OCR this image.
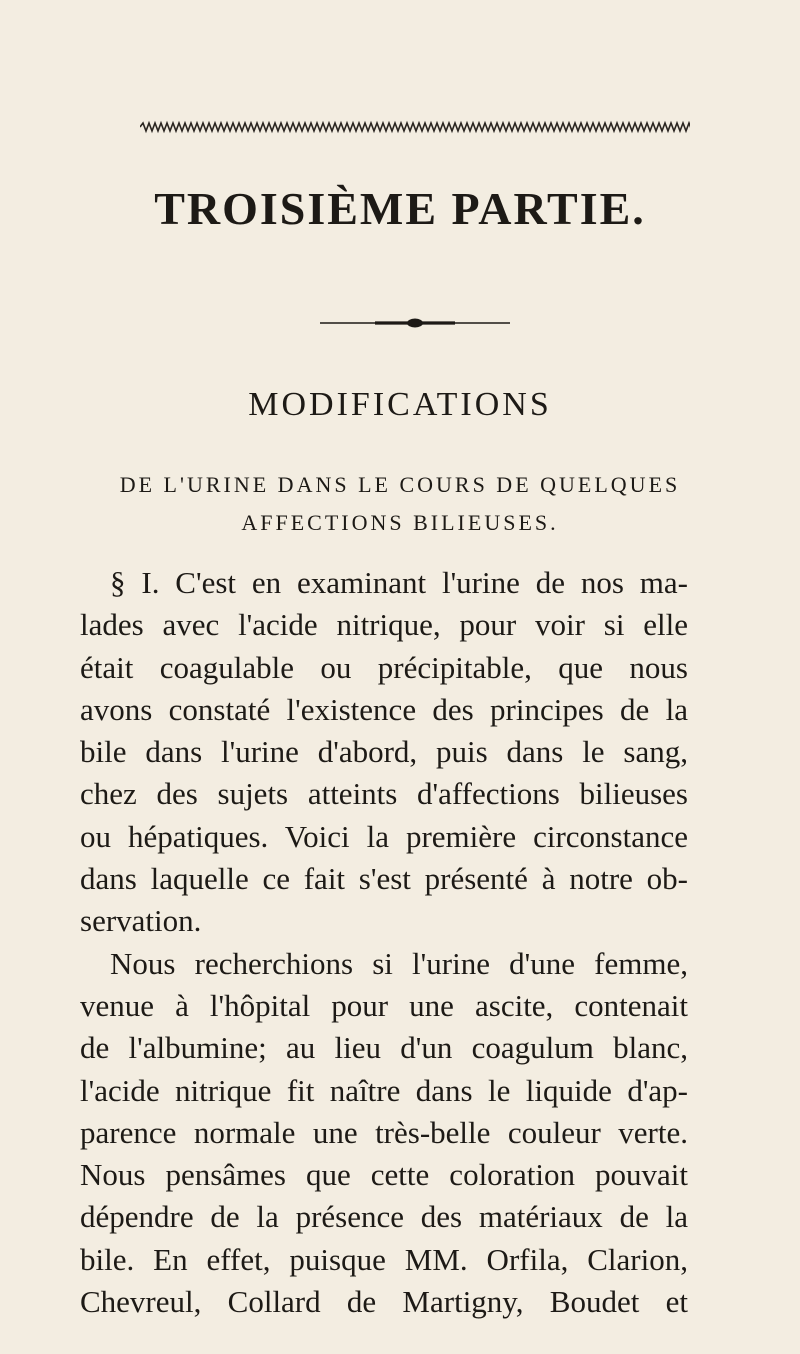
TROISIÈME PARTIE.
MODIFICATIONS

DE L'URINE DANS LE COURS DE QUELQUES

AFFECTIONS BILIEUSES.

§ I. C'est en examinant l'urine de nos ma-
lades avec l'acide nitrique, pour voir si elle
était coagulable ou précipitable, que nous
avons constaté l'existence des principes de la
bile dans l'urine d'abord, puis dans le sang,
chez des sujets atteints d'affections bilieuses
ou hépatiques. Voici la première circonstance
dans laquelle ce fait s'est présenté à notre ob-
servation.
Nous recherchions si l'urine d'une femme,
venue à l'hôpital pour une ascite, contenait
de l'albumine; au lieu d'un coagulum blanc,
l'acide nitrique fit naître dans le liquide d'ap-
parence normale une très-belle couleur verte.
Nous pensâmes que cette coloration pouvait
dépendre de la présence des matériaux de la
bile. En effet, puisque MM. Orfila, Clarion,
Chevreul, Collard de Martigny, Boudet et
